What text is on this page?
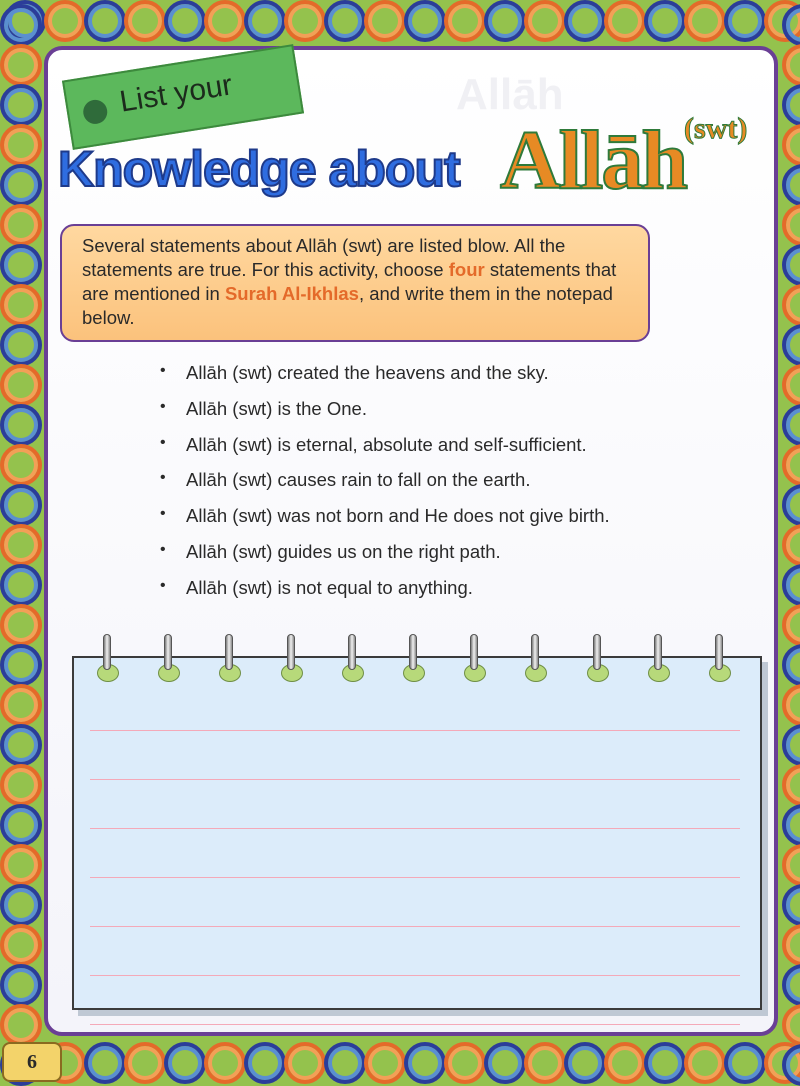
Allāh
List your
Knowledge about Allāh
(swt)
Several statements about Allāh (swt) are listed blow. All the statements are true. For this activity, choose four statements that are mentioned in Surah Al-Ikhlas, and write them in the notepad below.
•	Allāh (swt) created the heavens and the sky.
•	Allāh (swt) is the One.
•	Allāh (swt) is eternal, absolute and self-sufficient.
•	Allāh (swt) causes rain to fall on the earth.
•	Allāh (swt) was not born and He does not give birth.
•	Allāh (swt) guides us on the right path.
•	Allāh (swt) is not equal to anything.
6
